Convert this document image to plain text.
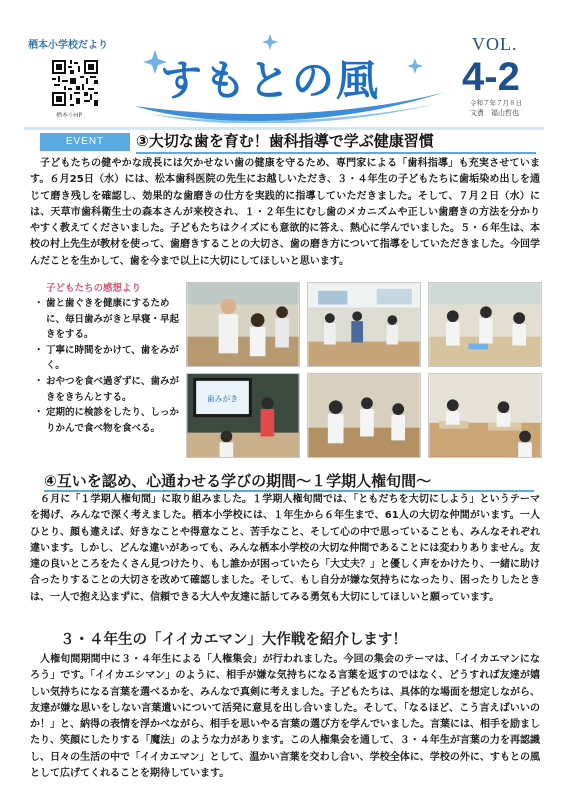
栖本小学校だより
栖本小HP
すもとの風
VOL.
4-2
令和７年７月８日
文責　福山哲也
EVENT	③大切な歯を育む！歯科指導で学ぶ健康習慣

子どもたちの健やかな成長には欠かせない歯の健康を守るため、専門家による「歯科指導」も充実させています。６月25日（水）には、松本歯科医院の先生にお越しいただき、３・４年生の子どもたちに歯垢染め出しを通じて磨き残しを確認し、効果的な歯磨きの仕方を実践的に指導していただきました。そして、７月２日（水）には、天草市歯科衛生士の森本さんが来校され、１・２年生にむし歯のメカニズムや正しい歯磨きの方法を分かりやすく教えてくださいました。子どもたちはクイズにも意欲的に答え、熱心に学んでいました。５・６年生は、本校の村上先生が教材を使って、歯磨きすることの大切さ、歯の磨き方について指導をしていただきました。今回学んだことを生かして、歯を今まで以上に大切にしてほしいと思います。

子どもたちの感想より
・ 歯と歯ぐきを健康にするために、毎日歯みがきと早寝・早起きをする。
・ 丁寧に時間をかけて、歯をみがく。
・ おやつを食べ過ぎずに、歯みがきをきちんとする。
・ 定期的に検診をしたり、しっかりかんで食べ物を食べる。
歯みがき
④互いを認め、心通わせる学びの期間～１学期人権旬間～

６月に「１学期人権旬間」に取り組みました。１学期人権旬間では、「ともだちを大切にしよう」というテーマを掲げ、みんなで深く考えました。栖本小学校には、１年生から６年生まで、61人の大切な仲間がいます。一人ひとり、顔も違えば、好きなことや得意なこと、苦手なこと、そして心の中で思っていることも、みんなそれぞれ違います。しかし、どんな違いがあっても、みんな栖本小学校の大切な仲間であることには変わりありません。友達の良いところをたくさん見つけたり、もし誰かが困っていたら「大丈夫？」と優しく声をかけたり、一緒に助け合ったりすることの大切さを改めて確認しました。そして、もし自分が嫌な気持ちになったり、困ったりしたときは、一人で抱え込まずに、信頼できる大人や友達に話してみる勇気も大切にしてほしいと願っています。

３・４年生の「イイカエマン」大作戦を紹介します！

人権旬間期間中に３・４年生による「人権集会」が行われました。今回の集会のテーマは、「イイカエマンになろう」です。「イイカエシマン」のように、相手が嫌な気持ちになる言葉を返すのではなく、どうすれば友達が嬉しい気持ちになる言葉を選べるかを、みんなで真剣に考えました。子どもたちは、具体的な場面を想定しながら、友達が嫌な思いをしない言葉遣いについて活発に意見を出し合いました。そして、「なるほど、こう言えばいいのか！」と、納得の表情を浮かべながら、相手を思いやる言葉の選び方を学んでいました。言葉には、相手を励ましたり、笑顔にしたりする「魔法」のような力があります。この人権集会を通して、３・４年生が言葉の力を再認識し、日々の生活の中で「イイカエマン」として、温かい言葉を交わし合い、学校全体に、学校の外に、すもとの風として広げてくれることを期待しています。
